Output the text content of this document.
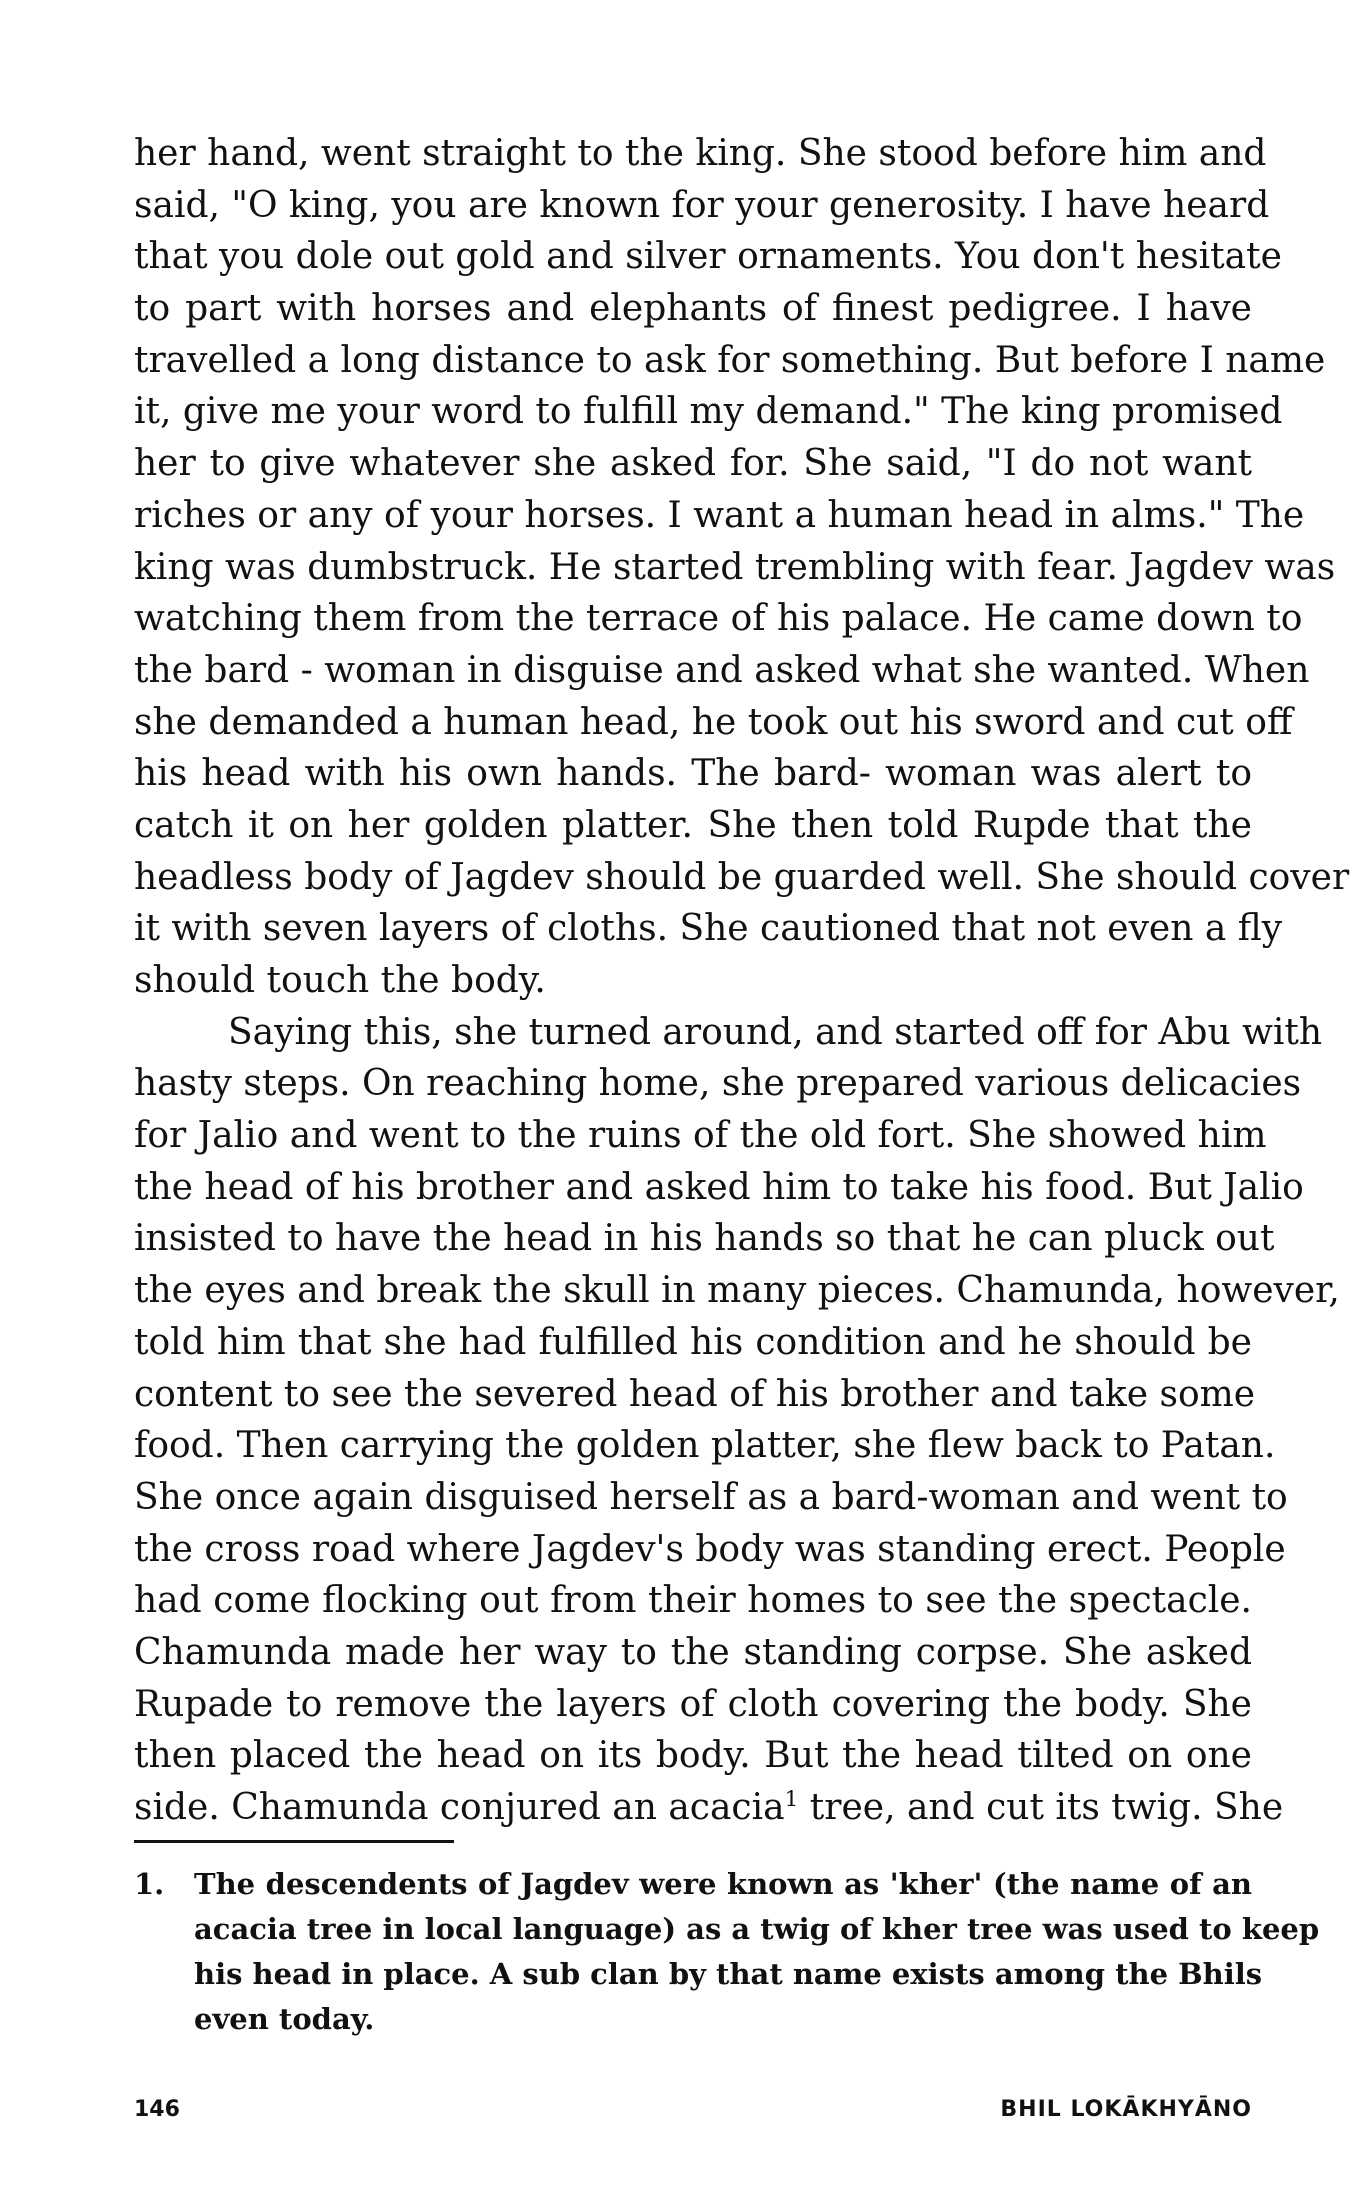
her hand, went straight to the king. She stood before him and
said, "O king, you are known for your generosity. I have heard
that you dole out gold and silver ornaments. You don't hesitate
to part with horses and elephants of finest pedigree. I have
travelled a long distance to ask for something. But before I name
it, give me your word to fulfill my demand." The king promised
her to give whatever she asked for. She said, "I do not want
riches or any of your horses. I want a human head in alms." The
king was dumbstruck. He started trembling with fear. Jagdev was
watching them from the terrace of his palace. He came down to
the bard - woman in disguise and asked what she wanted. When
she demanded a human head, he took out his sword and cut off
his head with his own hands. The bard- woman was alert to
catch it on her golden platter. She then told Rupde that the
headless body of Jagdev should be guarded well. She should cover
it with seven layers of cloths. She cautioned that not even a fly
should touch the body.
Saying this, she turned around, and started off for Abu with
hasty steps. On reaching home, she prepared various delicacies
for Jalio and went to the ruins of the old fort. She showed him
the head of his brother and asked him to take his food. But Jalio
insisted to have the head in his hands so that he can pluck out
the eyes and break the skull in many pieces. Chamunda, however,
told him that she had fulfilled his condition and he should be
content to see the severed head of his brother and take some
food. Then carrying the golden platter, she flew back to Patan.
She once again disguised herself as a bard-woman and went to
the cross road where Jagdev's body was standing erect. People
had come flocking out from their homes to see the spectacle.
Chamunda made her way to the standing corpse. She asked
Rupade to remove the layers of cloth covering the body. She
then placed the head on its body. But the head tilted on one
side. Chamunda conjured an acacia$^1$ tree, and cut its twig. She
1.	The descendents of Jagdev were known as 'kher' (the name of an
acacia tree in local language) as a twig of kher tree was used to keep
his head in place. A sub clan by that name exists among the Bhils
even today.
146	BHIL LOKĀKHYĀNO
